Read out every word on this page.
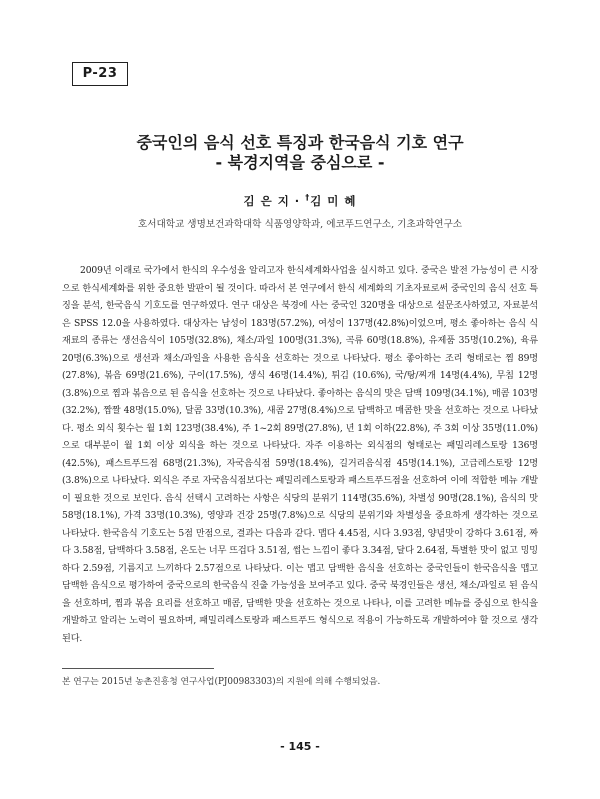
P-23
중국인의 음식 선호 특징과 한국음식 기호 연구
- 북경지역을 중심으로 -
김 은 지 · †김 미 혜
호서대학교 생명보건과학대학 식품영양학과, 에코푸드연구소, 기초과학연구소

2009년 이래로 국가에서 한식의 우수성을 알리고자 한식세계화사업을 실시하고 있다. 중국은 발전 가능성이 큰 시장으로 한식세계화를 위한 중요한 발판이 될 것이다. 따라서 본 연구에서 한식 세계화의 기초자료로써 중국인의 음식 선호 특징을 분석, 한국음식 기호도를 연구하였다. 연구 대상은 북경에 사는 중국인 320명을 대상으로 설문조사하였고, 자료분석은 SPSS 12.0을 사용하였다. 대상자는 남성이 183명(57.2%), 여성이 137명(42.8%)이었으며, 평소 좋아하는 음식 식재료의 종류는 생선음식이 105명(32.8%), 채소/과일 100명(31.3%), 곡류 60명(18.8%), 유제품 35명(10.2%), 육류 20명(6.3%)으로 생선과 채소/과일을 사용한 음식을 선호하는 것으로 나타났다. 평소 좋아하는 조리 형태로는 찜 89명(27.8%), 볶음 69명(21.6%), 구이(17.5%), 생식 46명(14.4%), 튀김 (10.6%), 국/탕/찌개 14명(4.4%), 무침 12명(3.8%)으로 찜과 볶음으로 된 음식을 선호하는 것으로 나타났다. 좋아하는 음식의 맛은 담백 109명(34.1%), 매콤 103명(32.2%), 짭짤 48명(15.0%), 달콤 33명(10.3%), 새콤 27명(8.4%)으로 담백하고 매콤한 맛을 선호하는 것으로 나타났다. 평소 외식 횟수는 월 1회 123명(38.4%), 주 1~2회 89명(27.8%), 년 1회 이하(22.8%), 주 3회 이상 35명(11.0%)으로 대부분이 월 1회 이상 외식을 하는 것으로 나타났다. 자주 이용하는 외식점의 형태로는 패밀리레스토랑 136명(42.5%), 패스트푸드점 68명(21.3%), 자국음식점 59명(18.4%), 길거리음식점 45명(14.1%), 고급레스토랑 12명(3.8%)으로 나타났다. 외식은 주로 자국음식점보다는 패밀리레스토랑과 패스트푸드점을 선호하여 이에 적합한 메뉴 개발이 필요한 것으로 보인다. 음식 선택시 고려하는 사항은 식당의 분위기 114명(35.6%), 차별성 90명(28.1%), 음식의 맛 58명(18.1%), 가격 33명(10.3%), 영양과 건강 25명(7.8%)으로 식당의 분위기와 차별성을 중요하게 생각하는 것으로 나타났다. 한국음식 기호도는 5점 만점으로, 결과는 다음과 같다. 맵다 4.45점, 시다 3.93점, 양념맛이 강하다 3.61점, 짜다 3.58점, 담백하다 3.58점, 온도는 너무 뜨겁다 3.51점, 썹는 느낌이 좋다 3.34점, 달다 2.64점, 특별한 맛이 없고 밍밍하다 2.59점, 기름지고 느끼하다 2.57점으로 나타났다. 이는 맵고 담백한 음식을 선호하는 중국인들이 한국음식을 맵고 담백한 음식으로 평가하여 중국으로의 한국음식 진출 가능성을 보여주고 있다. 중국 북경인들은 생선, 채소/과일로 된 음식을 선호하며, 찜과 볶음 요리를 선호하고 매콤, 담백한 맛을 선호하는 것으로 나타나, 이를 고려한 메뉴를 중심으로 한식을 개발하고 알리는 노력이 필요하며, 패밀리레스토랑과 패스트푸드 형식으로 적용이 가능하도록 개발하여야 할 것으로 생각된다.

본 연구는 2015년 농촌진흥청 연구사업(PJ00983303)의 지원에 의해 수행되었음.
- 145 -
